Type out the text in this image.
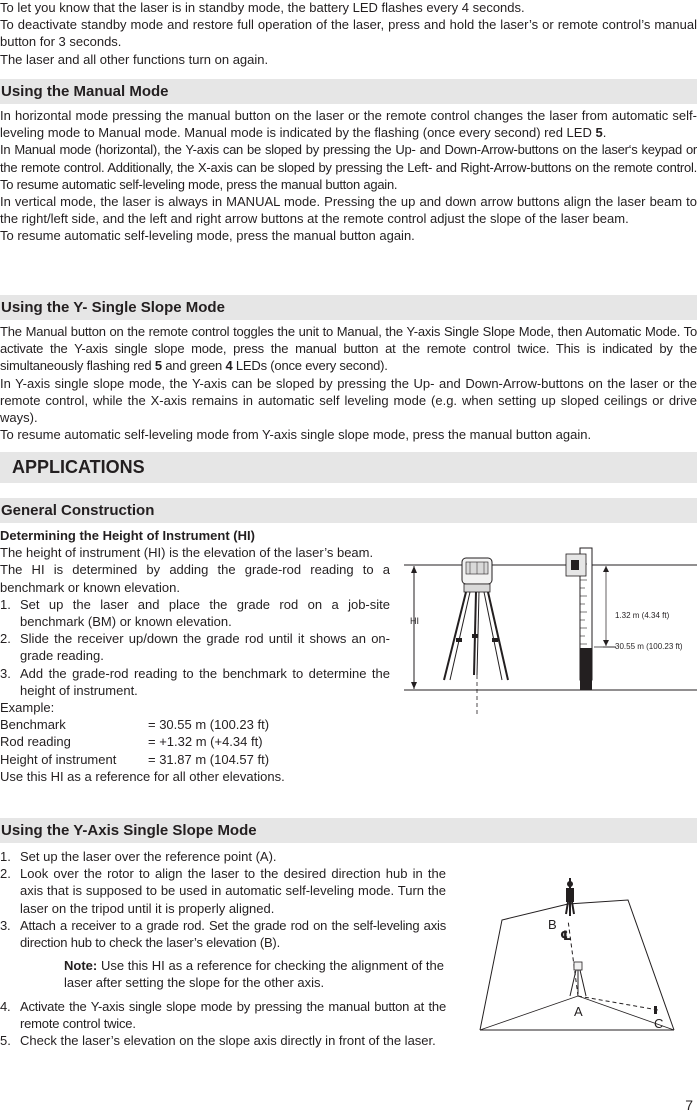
To let you know that the laser is in standby mode, the battery LED flashes every 4 seconds.

To deactivate standby mode and restore full operation of the laser, press and hold the laser’s or remote control’s manual button for 3 seconds.

The laser and all other functions turn on again.

Using the Manual Mode

In horizontal mode pressing the manual button on the laser or the remote control changes the laser from automatic self-leveling mode to Manual mode. Manual mode is indicated by the flashing (once every second) red LED 5.

In Manual mode (horizontal), the Y-axis can be sloped by pressing the Up- and Down-Arrow-buttons on the laser‘s keypad or the remote control. Additionally, the X-axis can be sloped by pressing the Left- and Right-Arrow-buttons on the remote control. To resume automatic self-leveling mode, press the manual button again.

In vertical mode, the laser is always in MANUAL mode. Pressing the up and down arrow buttons align the laser beam to the right/left side, and the left and right arrow buttons at the remote control adjust the slope of the laser beam.

To resume automatic self-leveling mode, press the manual button again.

Using the Y- Single Slope Mode

The Manual button on the remote control toggles the unit to Manual, the Y-axis Single Slope Mode, then Automatic Mode. To activate the Y-axis single slope mode, press the manual button at the remote control twice. This is indicated by the simultaneously flashing red 5 and green 4 LEDs (once every second).

In Y-axis single slope mode, the Y-axis can be sloped by pressing the Up- and Down-Arrow-buttons on the laser or the remote control, while the X-axis remains in automatic self leveling mode (e.g. when setting up sloped ceilings or drive ways).

To resume automatic self-leveling mode from Y-axis single slope mode, press the manual button again.

APPLICATIONS
General Construction

Determining the Height of Instrument (HI)

The height of instrument (HI) is the elevation of the laser’s beam.

The HI is determined by adding the grade-rod reading to a benchmark or known elevation.

1. Set up the laser and place the grade rod on a job-site benchmark (BM) or known elevation.
2. Slide the receiver up/down the grade rod until it shows an on-grade reading.
3. Add the grade-rod reading to the benchmark to determine the height of instrument.

Example:

Benchmark	= 30.55 m (100.23 ft)
Rod reading	= +1.32 m (+4.34 ft)
Height of instrument	= 31.87 m (104.57 ft)

Use this HI as a reference for all other elevations.

HI
1.32 m (4.34 ft)
30.55 m (100.23 ft)
Using the Y-Axis Single Slope Mode
1. Set up the laser over the reference point (A).
2. Look over the rotor to align the laser to the desired direction hub in the axis that is supposed to be used in automatic self-leveling mode. Turn the laser on the tripod until it is properly aligned.
3. Attach a receiver to a grade rod. Set the grade rod on the self-leveling axis direction hub to check the laser’s elevation (B).
Note: Use this HI as a reference for checking the alignment of the laser after setting the slope for the other axis.
4. Activate the Y-axis single slope mode by pressing the manual button at the remote control twice.
5. Check the laser’s elevation on the slope axis directly in front of the laser.
B
℄
A
C
7
